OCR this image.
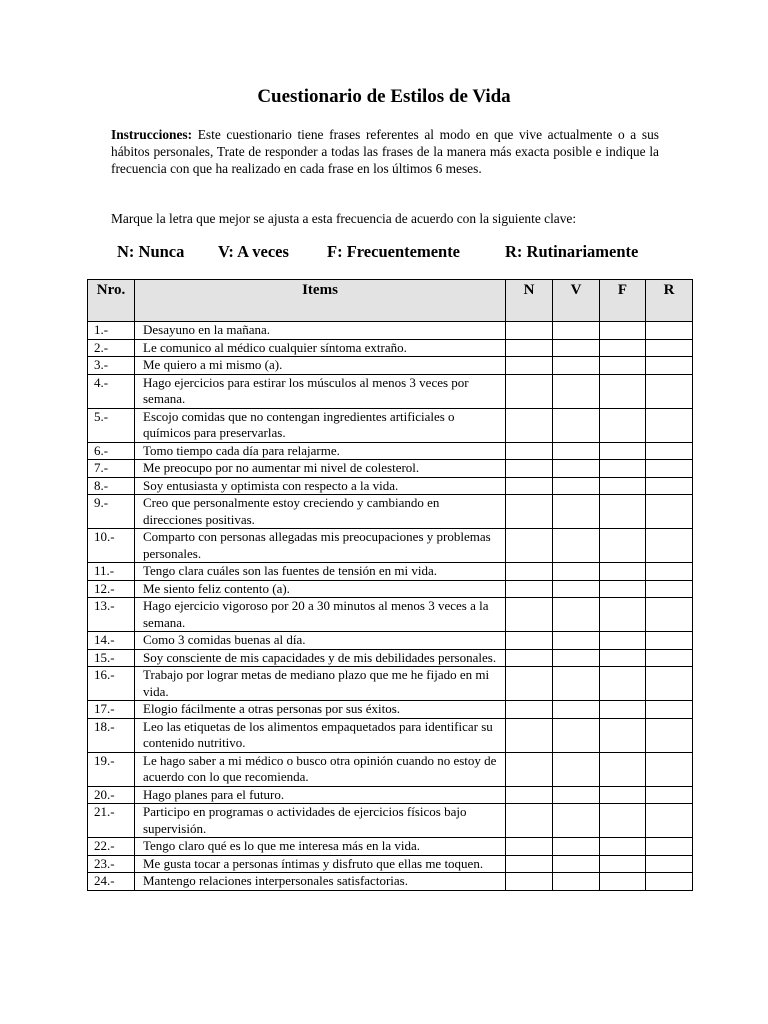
Cuestionario de Estilos de Vida
Instrucciones: Este cuestionario tiene frases referentes al modo en que vive actualmente o a sus hábitos personales, Trate de responder a todas las frases de la manera más exacta posible e indique la frecuencia con que ha realizado en cada frase en los últimos 6 meses.
Marque la letra que mejor se ajusta a esta frecuencia de acuerdo con la siguiente clave:
N: Nunca V: A veces F: Frecuentemente	R: Rutinariamente
Nro.	Items	N	V	F	R
1.-	Desayuno en la mañana.				
2.-	Le comunico al médico cualquier síntoma extraño.				
3.-	Me quiero a mi mismo (a).				
4.-	Hago ejercicios para estirar los músculos al menos 3 veces por semana.				
5.-	Escojo comidas que no contengan ingredientes artificiales o químicos para preservarlas.				
6.-	Tomo tiempo cada día para relajarme.				
7.-	Me preocupo por no aumentar mi nivel de colesterol.				
8.-	Soy entusiasta y optimista con respecto a la vida.				
9.-	Creo que personalmente estoy creciendo y cambiando en direcciones positivas.				
10.-	Comparto con personas allegadas mis preocupaciones y problemas personales.				
11.-	Tengo clara cuáles son las fuentes de tensión en mi vida.				
12.-	Me siento feliz contento (a).				
13.-	Hago ejercicio vigoroso por 20 a 30 minutos al menos 3 veces a la semana.				
14.-	Como 3 comidas buenas al día.				
15.-	Soy consciente de mis capacidades y de mis debilidades personales.				
16.-	Trabajo por lograr metas de mediano plazo que me he fijado en mi vida.				
17.-	Elogio fácilmente a otras personas por sus éxitos.				
18.-	Leo las etiquetas de los alimentos empaquetados para identificar su contenido nutritivo.				
19.-	Le hago saber a mi médico o busco otra opinión cuando no estoy de acuerdo con lo que recomienda.				
20.-	Hago planes para el futuro.				
21.-	Participo en programas o actividades de ejercicios físicos bajo supervisión.				
22.-	Tengo claro qué es lo que me interesa más en la vida.				
23.-	Me gusta tocar a personas íntimas y disfruto que ellas me toquen.				
24.-	Mantengo relaciones interpersonales satisfactorias.				
